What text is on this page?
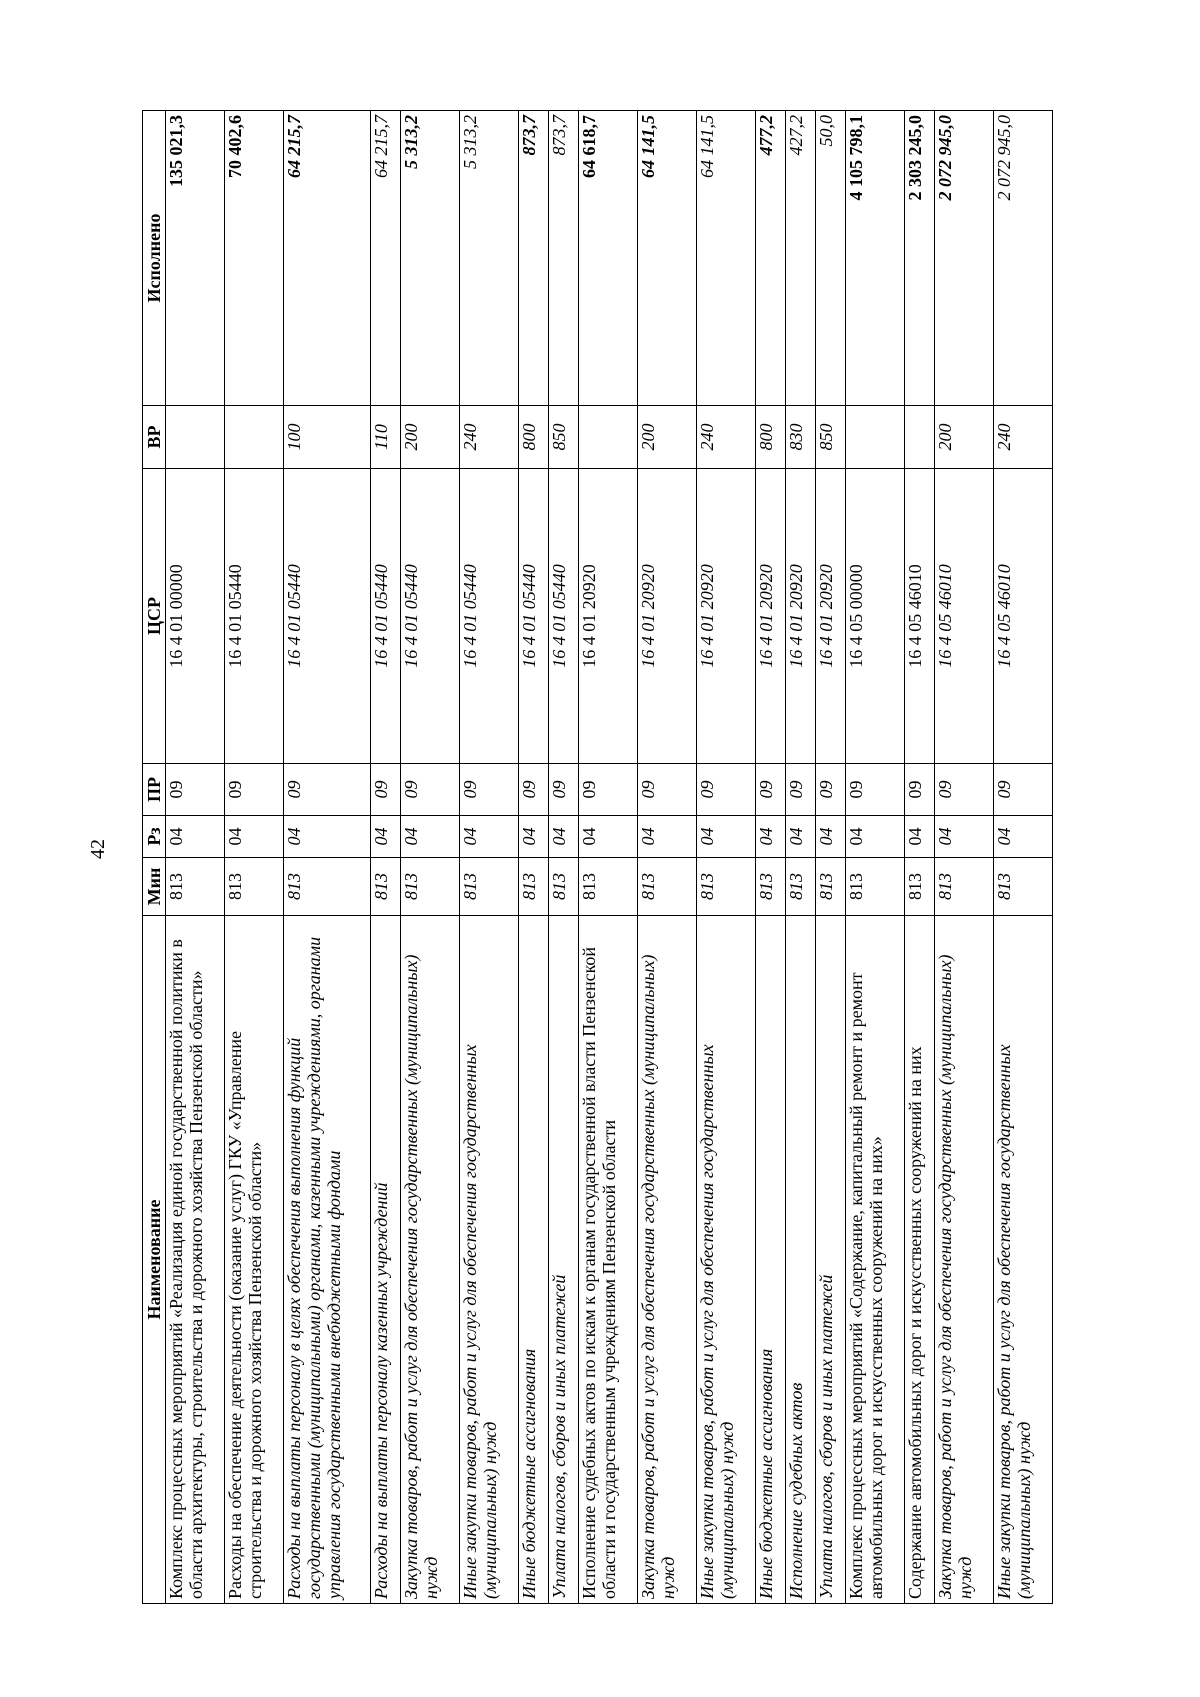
42
Наименование	Мин	Рз	ПР	ЦСР	ВР	Исполнено
Комплекс процессных мероприятий «Реализация единой государственной политики в области архитектуры, строительства и дорожного хозяйства Пензенской области»	813	04	09	16 4 01 00000		135 021,3
Расходы на обеспечение деятельности (оказание услуг) ГКУ «Управление строительства и дорожного хозяйства Пензенской области»	813	04	09	16 4 01 05440		70 402,6
Расходы на выплаты персоналу в целях обеспечения выполнения функций государственными (муниципальными) органами, казенными учреждениями, органами управления государственными внебюджетными фондами	813	04	09	16 4 01 05440	100	64 215,7
Расходы на выплаты персоналу казенных учреждений	813	04	09	16 4 01 05440	110	64 215,7
Закупка товаров, работ и услуг для обеспечения государственных (муниципальных) нужд	813	04	09	16 4 01 05440	200	5 313,2
Иные закупки товаров, работ и услуг для обеспечения государственных (муниципальных) нужд	813	04	09	16 4 01 05440	240	5 313,2
Иные бюджетные ассигнования	813	04	09	16 4 01 05440	800	873,7
Уплата налогов, сборов и иных платежей	813	04	09	16 4 01 05440	850	873,7
Исполнение судебных актов по искам к органам государственной власти Пензенской области и государственным учреждениям Пензенской области	813	04	09	16 4 01 20920		64 618,7
Закупка товаров, работ и услуг для обеспечения государственных (муниципальных) нужд	813	04	09	16 4 01 20920	200	64 141,5
Иные закупки товаров, работ и услуг для обеспечения государственных (муниципальных) нужд	813	04	09	16 4 01 20920	240	64 141,5
Иные бюджетные ассигнования	813	04	09	16 4 01 20920	800	477,2
Исполнение судебных актов	813	04	09	16 4 01 20920	830	427,2
Уплата налогов, сборов и иных платежей	813	04	09	16 4 01 20920	850	50,0
Комплекс процессных мероприятий «Содержание, капитальный ремонт и ремонт автомобильных дорог и искусственных сооружений на них»	813	04	09	16 4 05 00000		4 105 798,1
Содержание автомобильных дорог и искусственных сооружений на них	813	04	09	16 4 05 46010		2 303 245,0
Закупка товаров, работ и услуг для обеспечения государственных (муниципальных) нужд	813	04	09	16 4 05 46010	200	2 072 945,0
Иные закупки товаров, работ и услуг для обеспечения государственных (муниципальных) нужд	813	04	09	16 4 05 46010	240	2 072 945,0
